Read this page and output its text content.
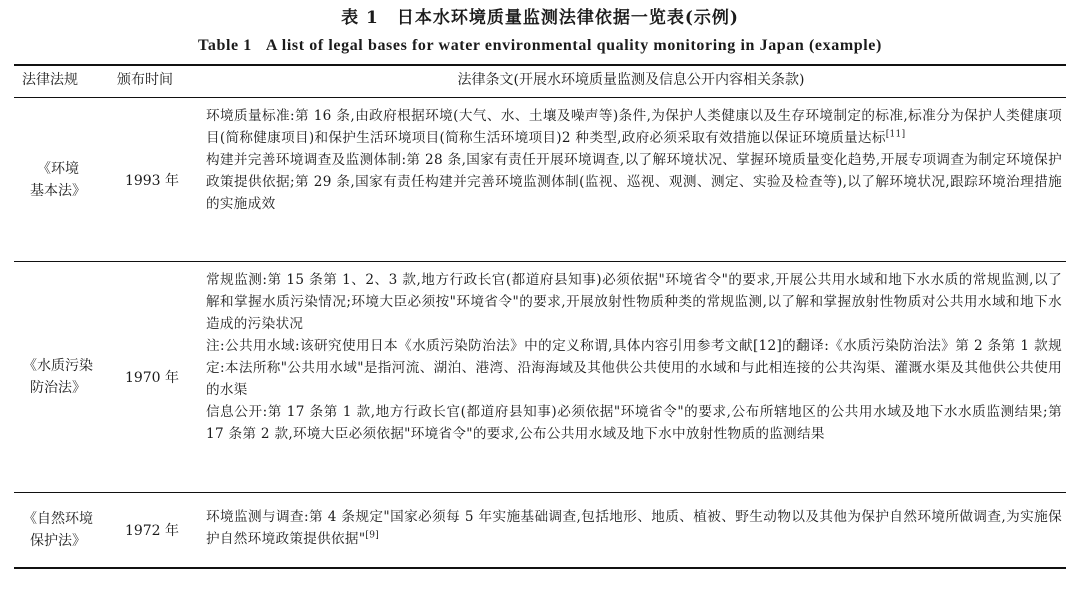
表 1　日本水环境质量监测法律依据一览表(示例)
Table 1 A list of legal bases for water environmental quality monitoring in Japan (example)
法律法规	颁布时间	法律条文(开展水环境质量监测及信息公开内容相关条款)
《环境
基本法》
1993 年

环境质量标准:第 16 条,由政府根据环境(大气、水、土壤及噪声等)条件,为保护人类健康以及生存环境制定的标准,标准分为保护人类健康项目(简称健康项目)和保护生活环境项目(简称生活环境项目)2 种类型,政府必须采取有效措施以保证环境质量达标[11]

构建并完善环境调查及监测体制:第 28 条,国家有责任开展环境调查,以了解环境状况、掌握环境质量变化趋势,开展专项调查为制定环境保护政策提供依据;第 29 条,国家有责任构建并完善环境监测体制(监视、巡视、观测、测定、实验及检查等),以了解环境状况,跟踪环境治理措施的实施成效

《水质污染
防治法》
1970 年

常规监测:第 15 条第 1、2、3 款,地方行政长官(都道府县知事)必须依据"环境省令"的要求,开展公共用水域和地下水水质的常规监测,以了解和掌握水质污染情况;环境大臣必须按"环境省令"的要求,开展放射性物质种类的常规监测,以了解和掌握放射性物质对公共用水域和地下水造成的污染状况

注:公共用水域:该研究使用日本《水质污染防治法》中的定义称谓,具体内容引用参考文献[12]的翻译:《水质污染防治法》第 2 条第 1 款规定:本法所称"公共用水域"是指河流、湖泊、港湾、沿海海域及其他供公共使用的水域和与此相连接的公共沟渠、灌溉水渠及其他供公共使用的水渠

信息公开:第 17 条第 1 款,地方行政长官(都道府县知事)必须依据"环境省令"的要求,公布所辖地区的公共用水域及地下水水质监测结果;第 17 条第 2 款,环境大臣必须依据"环境省令"的要求,公布公共用水域及地下水中放射性物质的监测结果

《自然环境
保护法》
1972 年

环境监测与调查:第 4 条规定"国家必须每 5 年实施基础调查,包括地形、地质、植被、野生动物以及其他为保护自然环境所做调查,为实施保护自然环境政策提供依据"[9]
